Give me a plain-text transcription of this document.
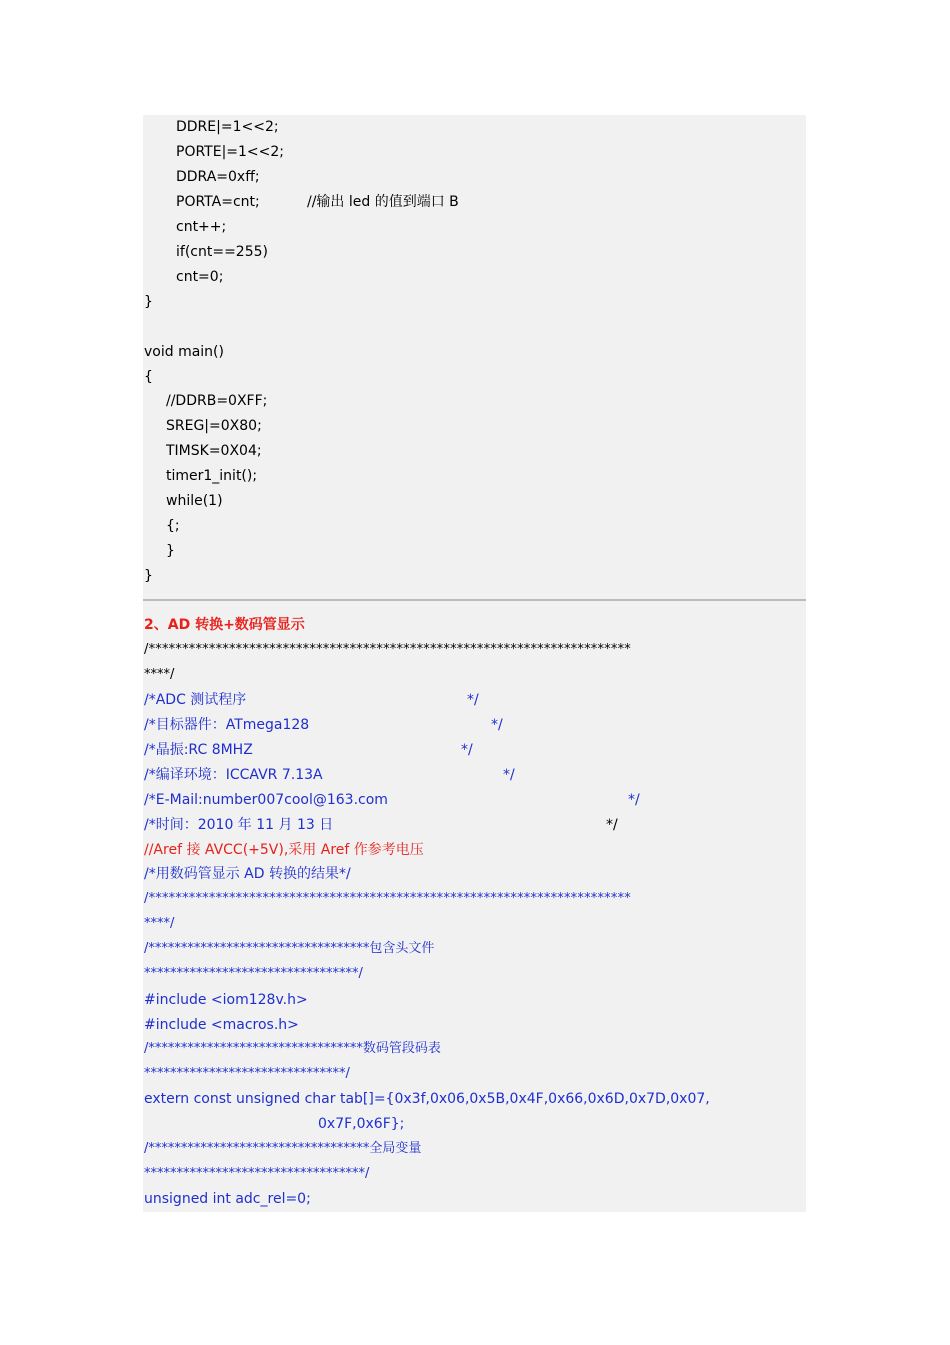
DDRE|=1<<2;
PORTE|=1<<2;
DDRA=0xff;
PORTA=cnt;	//输出 led 的值到端口 B
cnt++;
if(cnt==255)
cnt=0;
}
void main()
{
//DDRB=0XFF;
SREG|=0X80;
TIMSK=0X04;
timer1_init();
while(1)
{;
}
}
2、AD 转换+数码管显示
/************************************************************************
****/
/*ADC 测试程序	*/
/*目标器件：ATmega128	*/
/*晶振:RC 8MHZ	*/
/*编译环境：ICCAVR 7.13A	*/
/*E-Mail:number007cool@163.com	*/
/*时间：2010 年 11 月 13 日	*/
//Aref 接 AVCC(+5V),采用 Aref 作参考电压
/*用数码管显示 AD 转换的结果*/
/************************************************************************
****/
/**********************************包含头文件
*********************************/
#include <iom128v.h>
#include <macros.h>
/*********************************数码管段码表
*******************************/
extern const unsigned char tab[]={0x3f,0x06,0x5B,0x4F,0x66,0x6D,0x7D,0x07,
0x7F,0x6F};
/**********************************全局变量
**********************************/
unsigned int adc_rel=0;
